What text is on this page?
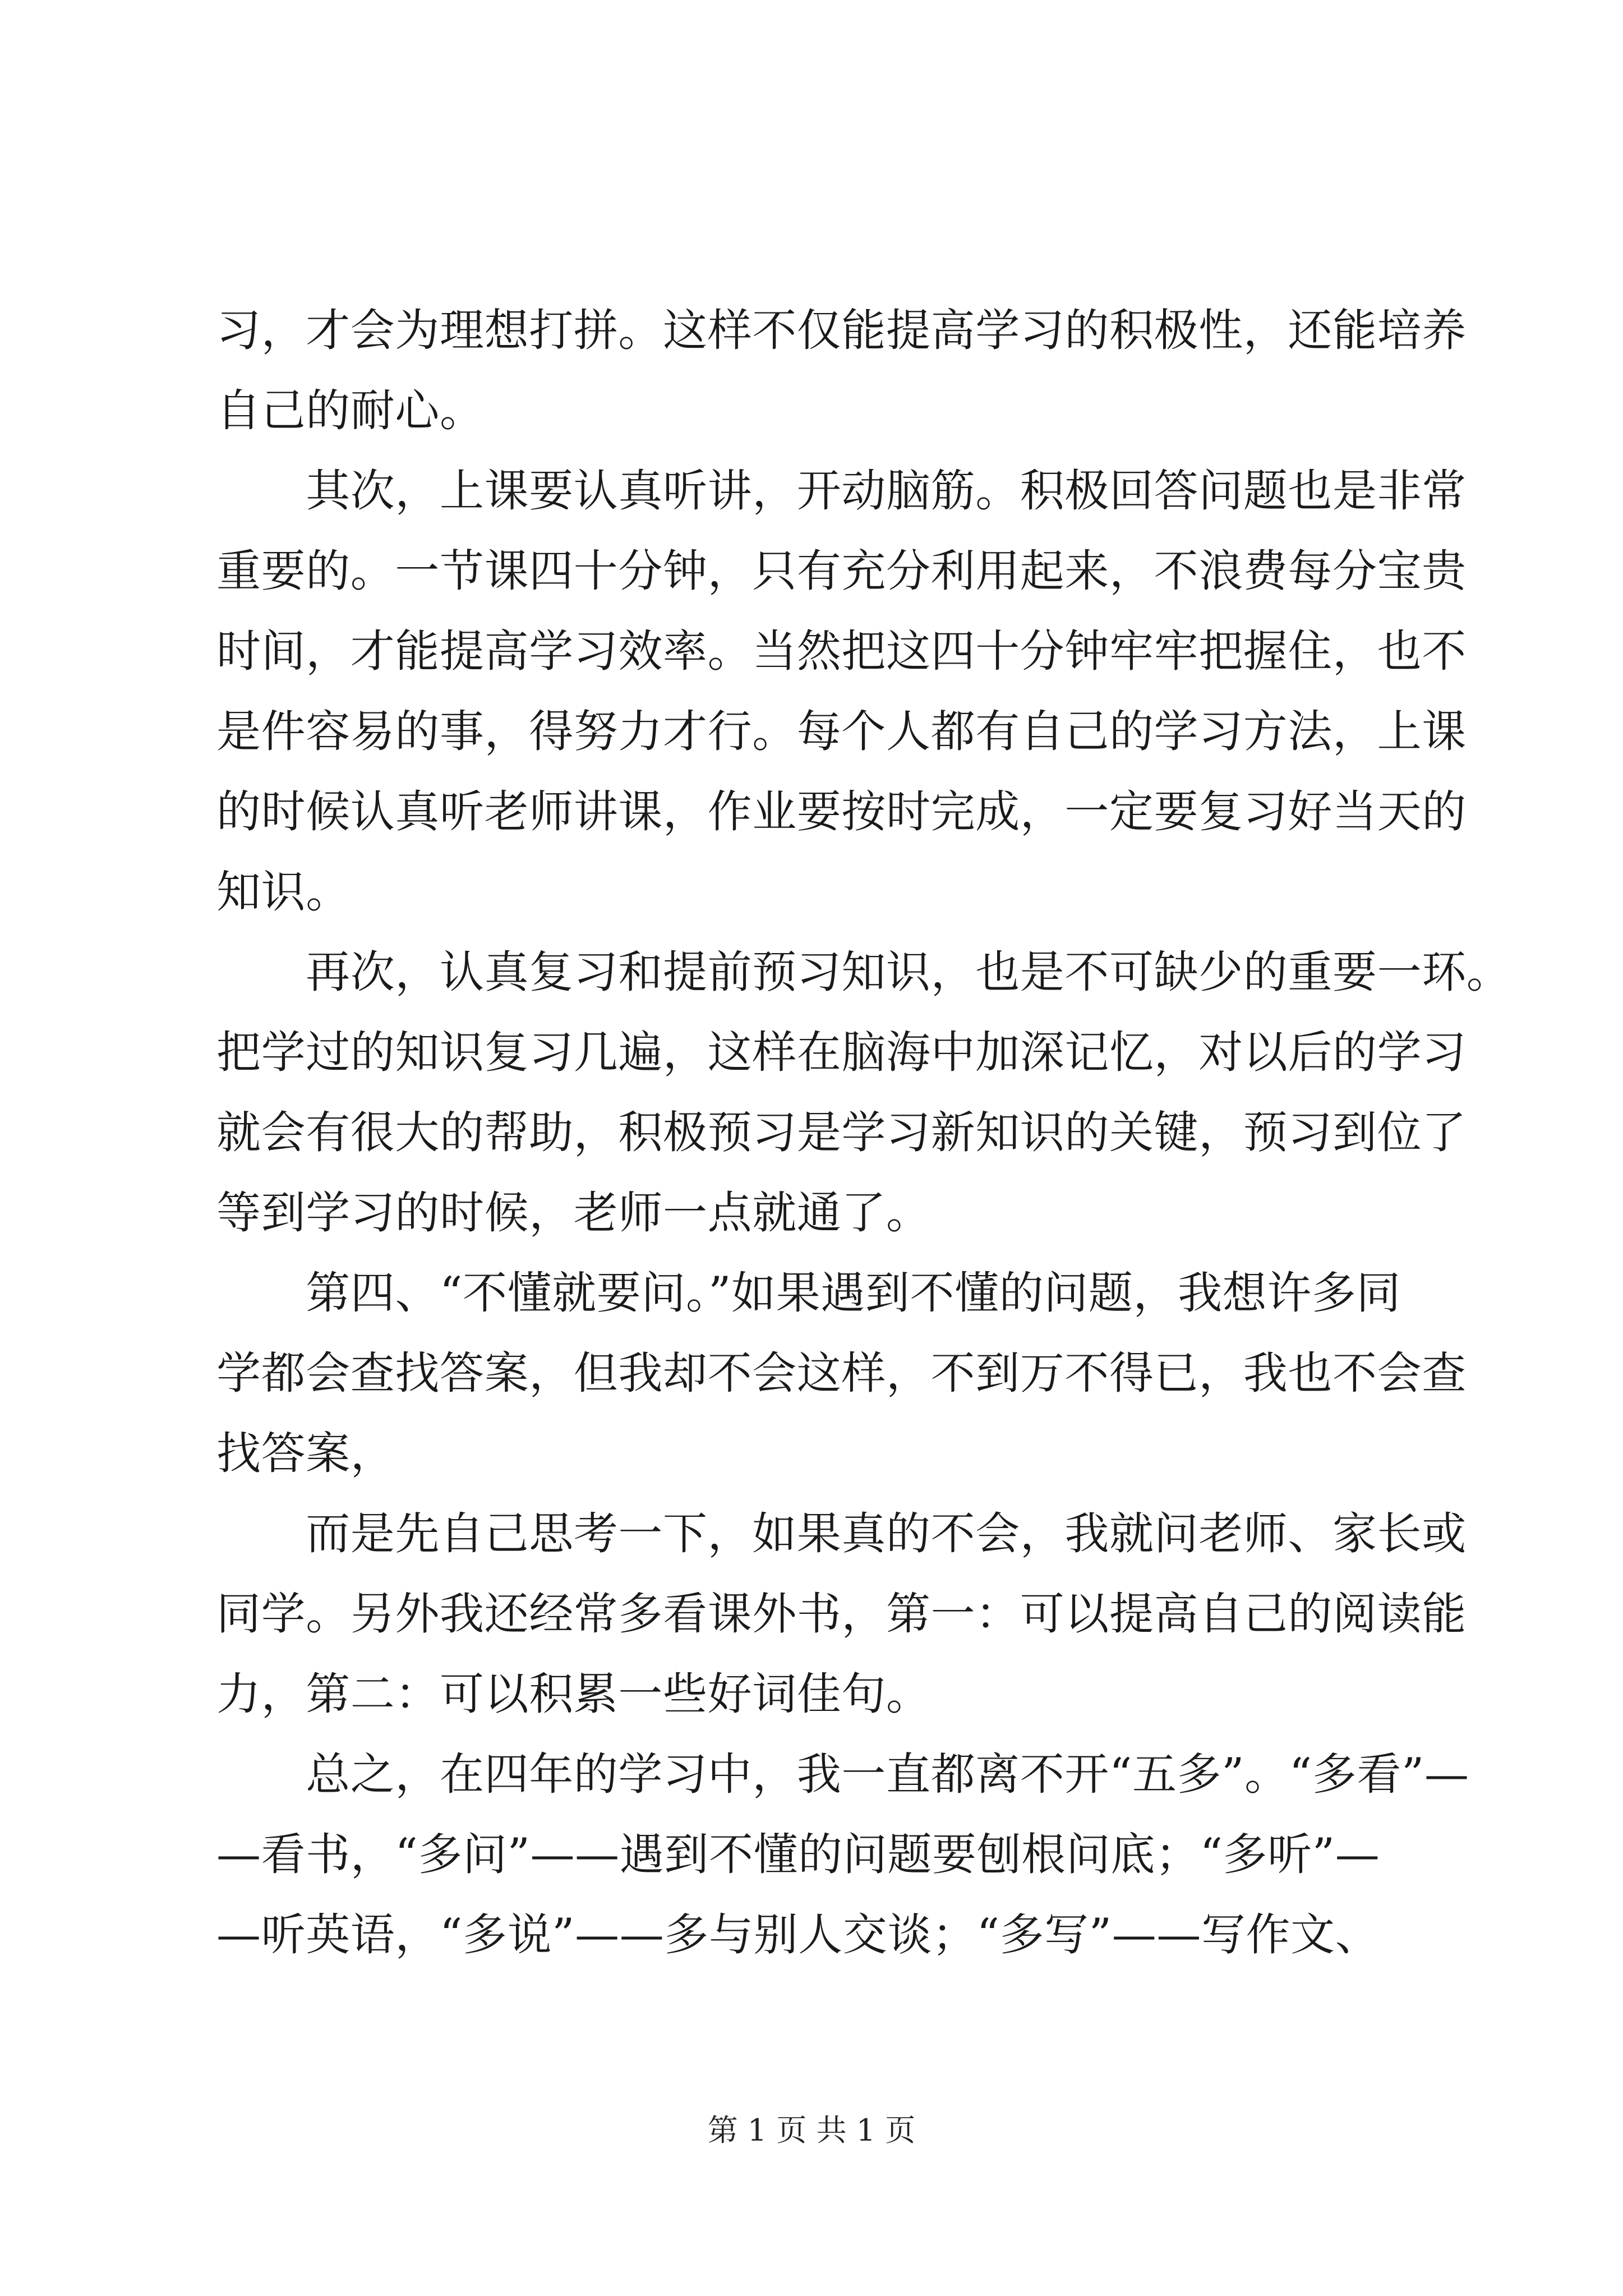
习，才会为理想打拼。这样不仅能提高学习的积极性，还能培养
自己的耐心。

　　其次，上课要认真听讲，开动脑筋。积极回答问题也是非常
重要的。一节课四十分钟，只有充分利用起来，不浪费每分宝贵
时间，才能提高学习效率。当然把这四十分钟牢牢把握住，也不
是件容易的事，得努力才行。每个人都有自己的学习方法，上课
的时候认真听老师讲课，作业要按时完成，一定要复习好当天的
知识。

　　再次，认真复习和提前预习知识，也是不可缺少的重要一环。
把学过的知识复习几遍，这样在脑海中加深记忆，对以后的学习
就会有很大的帮助，积极预习是学习新知识的关键，预习到位了
等到学习的时候，老师一点就通了。

　　第四、“不懂就要问。”如果遇到不懂的问题，我想许多同
学都会查找答案，但我却不会这样，不到万不得已，我也不会查
找答案，

　　而是先自己思考一下，如果真的不会，我就问老师、家长或
同学。另外我还经常多看课外书，第一：可以提高自己的阅读能
力，第二：可以积累一些好词佳句。

　　总之，在四年的学习中，我一直都离不开“五多”。“多看”—
—看书，“多问”——遇到不懂的问题要刨根问底；“多听”—
—听英语，“多说”——多与别人交谈；“多写”——写作文、

第 1 页 共 1 页
